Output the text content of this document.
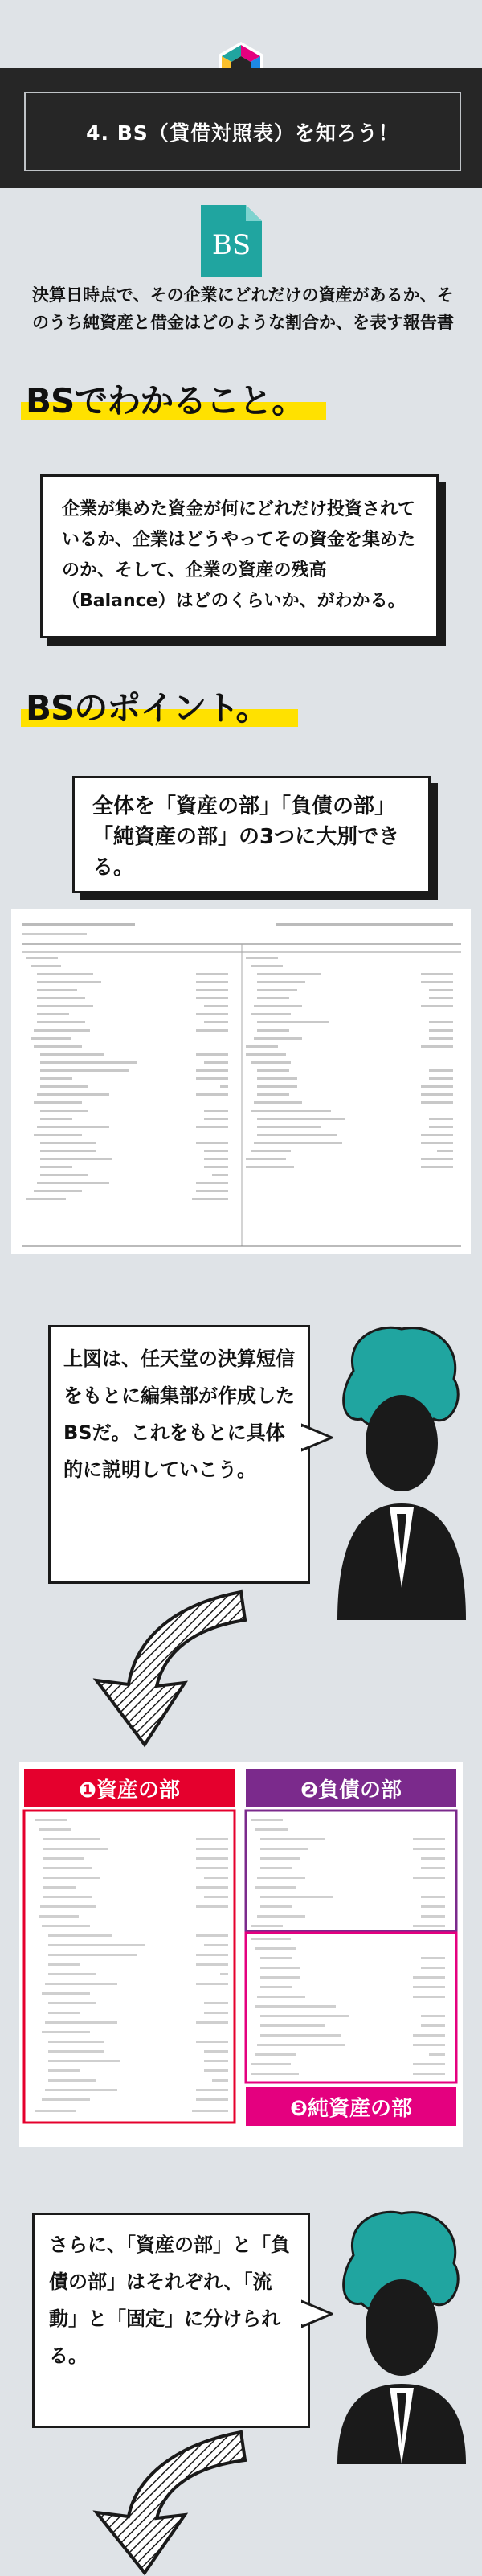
4. BS（貸借対照表）を知ろう！
BS
決算日時点で、その企業にどれだけの資産があるか、そのうち純資産と借金はどのような割合か、を表す報告書
BSでわかること。
企業が集めた資金が何にどれだけ投資されているか、企業はどうやってその資金を集めたのか、そして、企業の資産の残高（Balance）はどのくらいか、がわかる。
BSのポイント。
全体を「資産の部」「負債の部」「純資産の部」の3つに大別できる。
上図は、任天堂の決算短信をもとに編集部が作成したBSだ。これをもとに具体的に説明していこう。
❶資産の部	❷負債の部
❸純資産の部
さらに、「資産の部」と「負債の部」はそれぞれ、「流動」と「固定」に分けられる。
